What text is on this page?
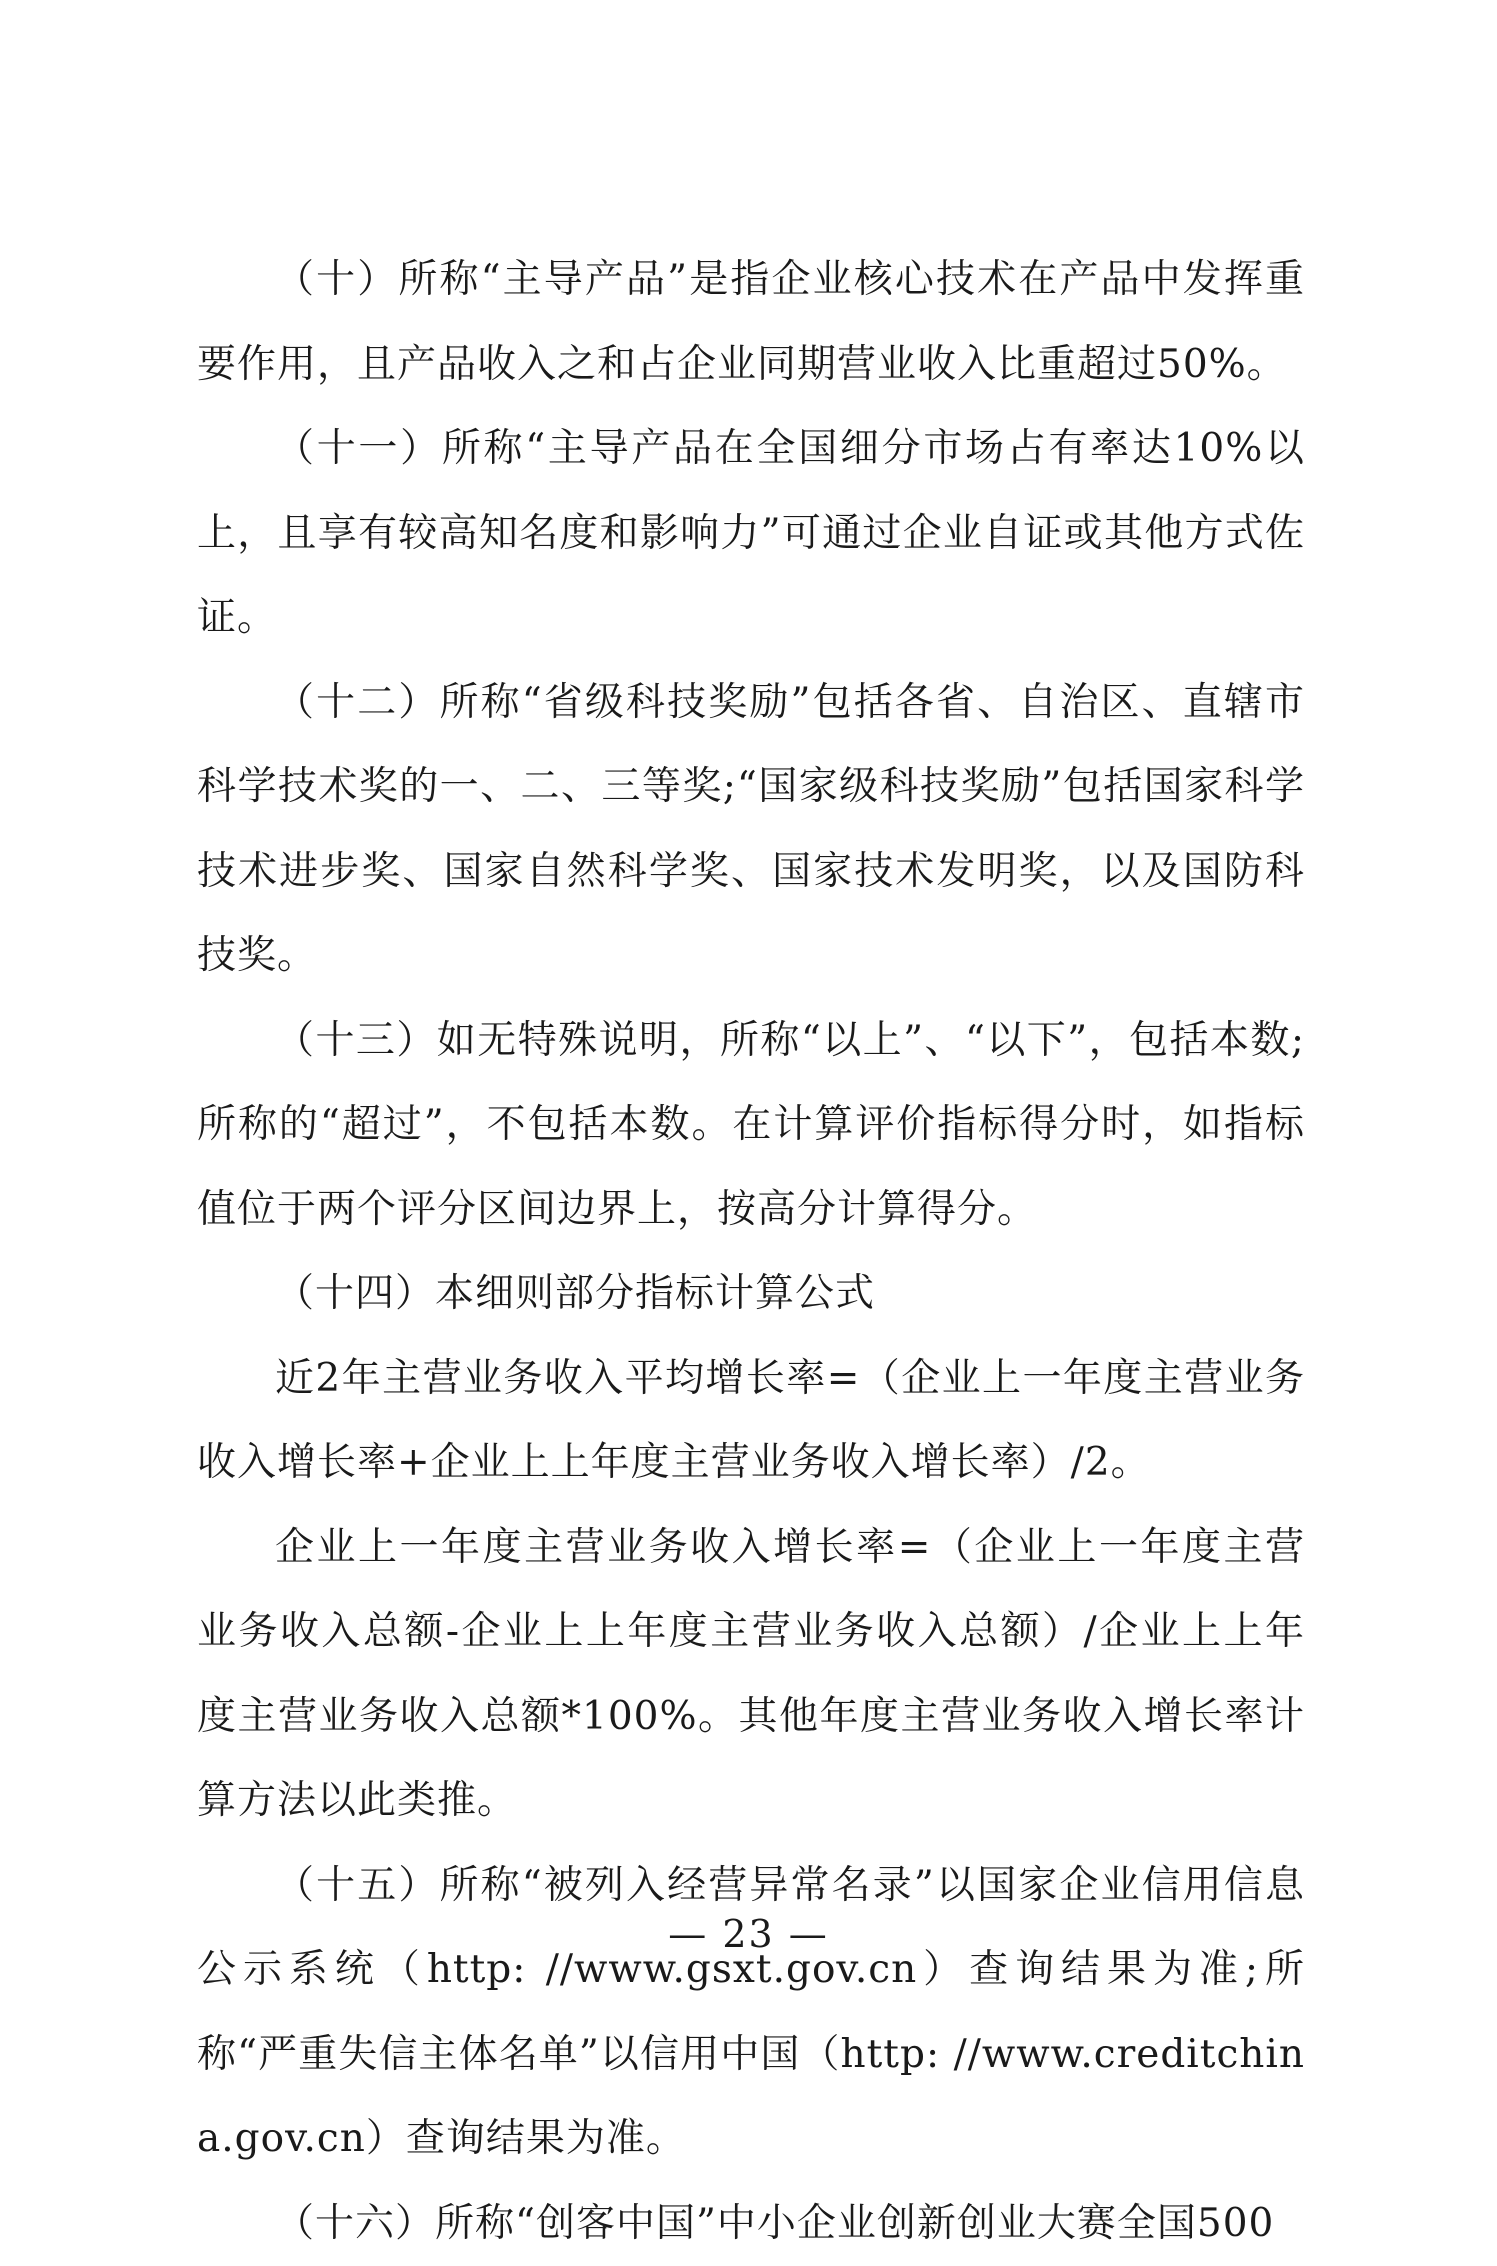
（十）所称“主导产品”是指企业核心技术在产品中发挥重要作用，且产品收入之和占企业同期营业收入比重超过50%。

（十一）所称“主导产品在全国细分市场占有率达10%以上，且享有较高知名度和影响力”可通过企业自证或其他方式佐证。

（十二）所称“省级科技奖励”包括各省、自治区、直辖市科学技术奖的一、二、三等奖;“国家级科技奖励”包括国家科学技术进步奖、国家自然科学奖、国家技术发明奖，以及国防科技奖。

（十三）如无特殊说明，所称“以上”、“以下”，包括本数;所称的“超过”，不包括本数。在计算评价指标得分时，如指标值位于两个评分区间边界上，按高分计算得分。

（十四）本细则部分指标计算公式

近2年主营业务收入平均增长率=（企业上一年度主营业务收入增长率+企业上上年度主营业务收入增长率）/2。

企业上一年度主营业务收入增长率=（企业上一年度主营业务收入总额-企业上上年度主营业务收入总额）/企业上上年度主营业务收入总额*100%。其他年度主营业务收入增长率计算方法以此类推。

（十五）所称“被列入经营异常名录”以国家企业信用信息公示系统（http: //www.gsxt.gov.cn）查询结果为准;所称“严重失信主体名单”以信用中国（http: //www.creditchina.gov.cn）查询结果为准。

（十六）所称“创客中国”中小企业创新创业大赛全国500

— 23 —
